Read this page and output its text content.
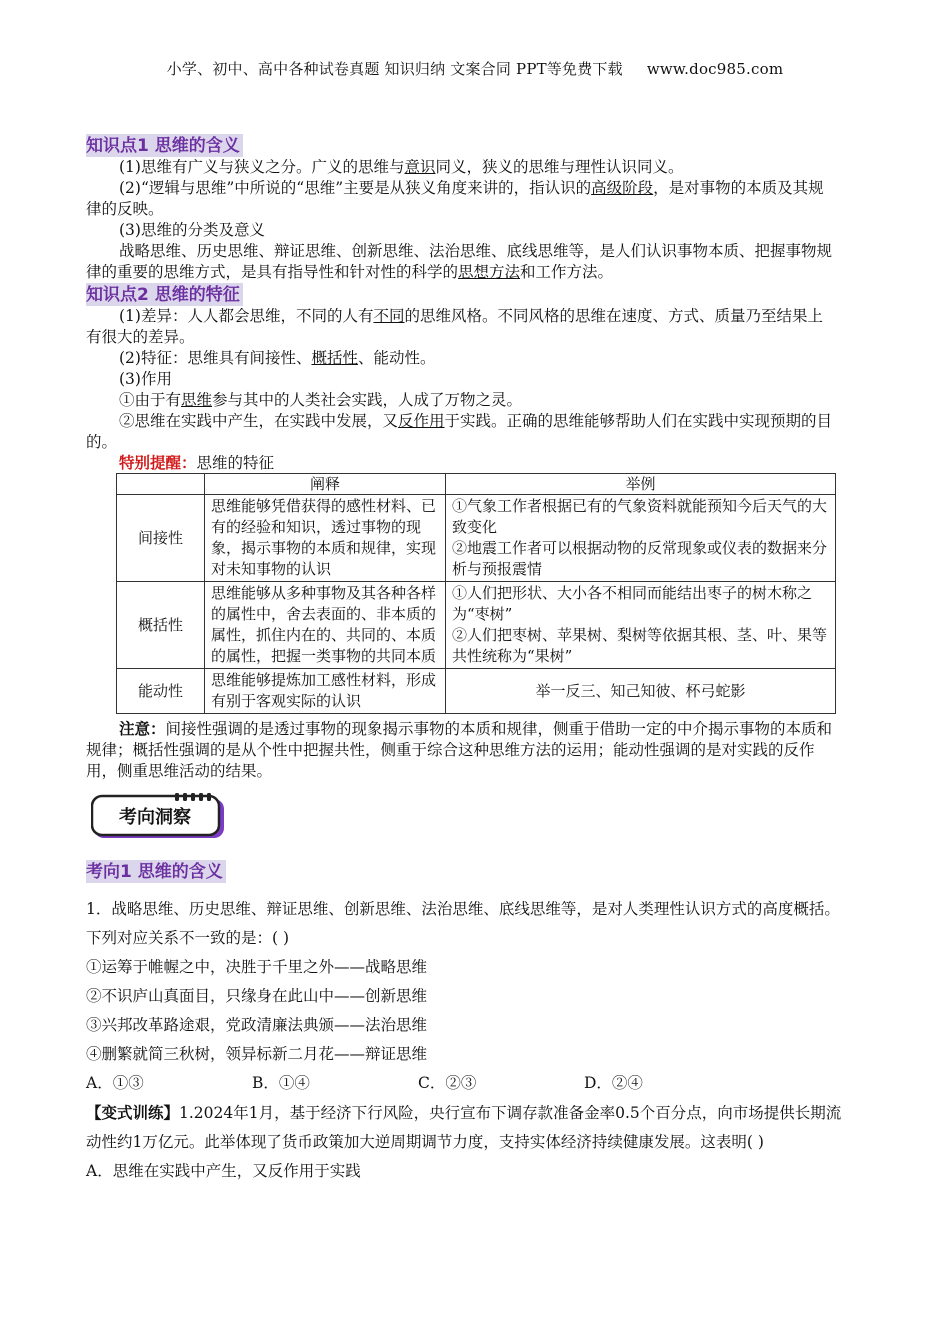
小学、初中、高中各种试卷真题 知识归纳 文案合同 PPT等免费下载 www.doc985.com
知识点1 思维的含义

(1)思维有广义与狭义之分。广义的思维与意识同义，狭义的思维与理性认识同义。

(2)“逻辑与思维”中所说的“思维”主要是从狭义角度来讲的，指认识的高级阶段，是对事物的本质及其规律的反映。

(3)思维的分类及意义

战略思维、历史思维、辩证思维、创新思维、法治思维、底线思维等，是人们认识事物本质、把握事物规律的重要的思维方式，是具有指导性和针对性的科学的思想方法和工作方法。

知识点2 思维的特征

(1)差异：人人都会思维，不同的人有不同的思维风格。不同风格的思维在速度、方式、质量乃至结果上有很大的差异。

(2)特征：思维具有间接性、概括性、能动性。

(3)作用

①由于有思维参与其中的人类社会实践，人成了万物之灵。

②思维在实践中产生，在实践中发展，又反作用于实践。正确的思维能够帮助人们在实践中实现预期的目的。

特别提醒：思维的特征
	阐释	举例
间接性	思维能够凭借获得的感性材料、已有的经验和知识，透过事物的现象，揭示事物的本质和规律，实现对未知事物的认识	①气象工作者根据已有的气象资料就能预知今后天气的大致变化
②地震工作者可以根据动物的反常现象或仪表的数据来分析与预报震情

概括性	思维能够从多种事物及其各种各样的属性中，舍去表面的、非本质的属性，抓住内在的、共同的、本质的属性，把握一类事物的共同本质	①人们把形状、大小各不相同而能结出枣子的树木称之为“枣树”
②人们把枣树、苹果树、梨树等依据其根、茎、叶、果等共性统称为“果树”

能动性	思维能够提炼加工感性材料，形成有别于客观实际的认识	举一反三、知己知彼、杯弓蛇影

注意：间接性强调的是透过事物的现象揭示事物的本质和规律，侧重于借助一定的中介揭示事物的本质和规律；概括性强调的是从个性中把握共性，侧重于综合这种思维方法的运用；能动性强调的是对实践的反作用，侧重思维活动的结果。

考向洞察
考向1 思维的含义

1．战略思维、历史思维、辩证思维、创新思维、法治思维、底线思维等，是对人类理性认识方式的高度概括。下列对应关系不一致的是：( )

①运筹于帷幄之中，决胜于千里之外——战略思维

②不识庐山真面目，只缘身在此山中——创新思维

③兴邦改革路途艰，党政清廉法典颁——法治思维

④删繁就简三秋树，领异标新二月花——辩证思维

A．①③	B．①④	C．②③	D．②④

【变式训练】1.2024年1月，基于经济下行风险，央行宣布下调存款准备金率0.5个百分点，向市场提供长期流动性约1万亿元。此举体现了货币政策加大逆周期调节力度，支持实体经济持续健康发展。这表明( )

A．思维在实践中产生，又反作用于实践
